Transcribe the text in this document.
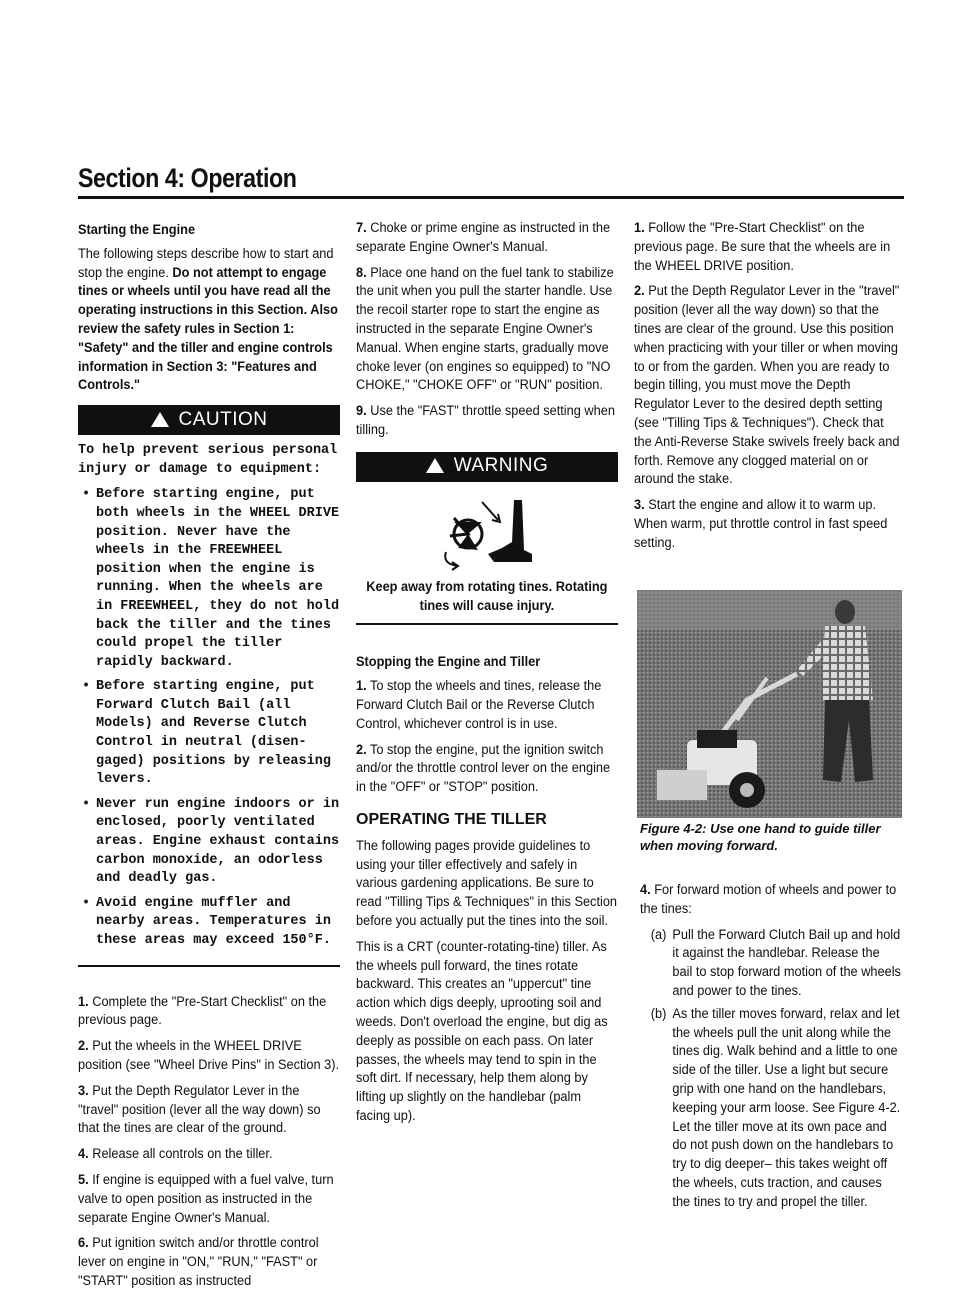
Section 4: Operation

Starting the Engine

The following steps describe how to start and stop the engine. Do not attempt to engage tines or wheels until you have read all the operating instructions in this Section. Also review the safety rules in Section 1: "Safety" and the tiller and engine controls information in Section 3: "Features and Controls."

CAUTION

To help prevent serious personal injury or damage to equipment:

• Before starting engine, put both wheels in the WHEEL DRIVE position. Never have the wheels in the FREEWHEEL position when the engine is running. When the wheels are in FREEWHEEL, they do not hold back the tiller and the tines could propel the tiller rapidly backward.
• Before starting engine, put Forward Clutch Bail (all Models) and Reverse Clutch Control in neutral (disen-gaged) positions by releasing levers.
• Never run engine indoors or in enclosed, poorly ventilated areas. Engine exhaust contains carbon monoxide, an odorless and deadly gas.
• Avoid engine muffler and nearby areas. Temperatures in these areas may exceed 150°F.

1. Complete the "Pre-Start Checklist" on the previous page.

2. Put the wheels in the WHEEL DRIVE position (see "Wheel Drive Pins" in Section 3).

3. Put the Depth Regulator Lever in the "travel" position (lever all the way down) so that the tines are clear of the ground.

4. Release all controls on the tiller.

5. If engine is equipped with a fuel valve, turn valve to open position as instructed in the separate Engine Owner's Manual.

6. Put ignition switch and/or throttle control lever on engine in "ON," "RUN," "FAST" or "START" position as instructed

7. Choke or prime engine as instructed in the separate Engine Owner's Manual.

8. Place one hand on the fuel tank to stabilize the unit when you pull the starter handle. Use the recoil starter rope to start the engine as instructed in the separate Engine Owner's Manual. When engine starts, gradually move choke lever (on engines so equipped) to "NO CHOKE," "CHOKE OFF" or "RUN" position.

9. Use the "FAST" throttle speed setting when tilling.

WARNING

Keep away from rotating tines. Rotating tines will cause injury.

Stopping the Engine and Tiller

1. To stop the wheels and tines, release the Forward Clutch Bail or the Reverse Clutch Control, whichever control is in use.

2. To stop the engine, put the ignition switch and/or the throttle control lever on the engine in the "OFF" or "STOP" position.

OPERATING THE TILLER

The following pages provide guidelines to using your tiller effectively and safely in various gardening applications. Be sure to read "Tilling Tips & Techniques" in this Section before you actually put the tines into the soil.

This is a CRT (counter-rotating-tine) tiller. As the wheels pull forward, the tines rotate backward. This creates an "uppercut" tine action which digs deeply, uprooting soil and weeds. Don't overload the engine, but dig as deeply as possible on each pass. On later passes, the wheels may tend to spin in the soft dirt. If necessary, help them along by lifting up slightly on the handlebar (palm facing up).

1. Follow the "Pre-Start Checklist" on the previous page. Be sure that the wheels are in the WHEEL DRIVE position.

2. Put the Depth Regulator Lever in the "travel" position (lever all the way down) so that the tines are clear of the ground. Use this position when practicing with your tiller or when moving to or from the garden. When you are ready to begin tilling, you must move the Depth Regulator Lever to the desired depth setting (see "Tilling Tips & Techniques"). Check that the Anti-Reverse Stake swivels freely back and forth. Remove any clogged material on or around the stake.

3. Start the engine and allow it to warm up. When warm, put throttle control in fast speed setting.

Figure 4-2: Use one hand to guide tiller when moving forward.

4. For forward motion of wheels and power to the tines:

(a) Pull the Forward Clutch Bail up and hold it against the handlebar. Release the bail to stop forward motion of the wheels and power to the tines.
(b) As the tiller moves forward, relax and let the wheels pull the unit along while the tines dig. Walk behind and a little to one side of the tiller. Use a light but secure grip with one hand on the handlebars, keeping your arm loose. See Figure 4-2. Let the tiller move at its own pace and do not push down on the handlebars to try to dig deeper– this takes weight off the wheels, cuts traction, and causes the tines to try and propel the tiller.
